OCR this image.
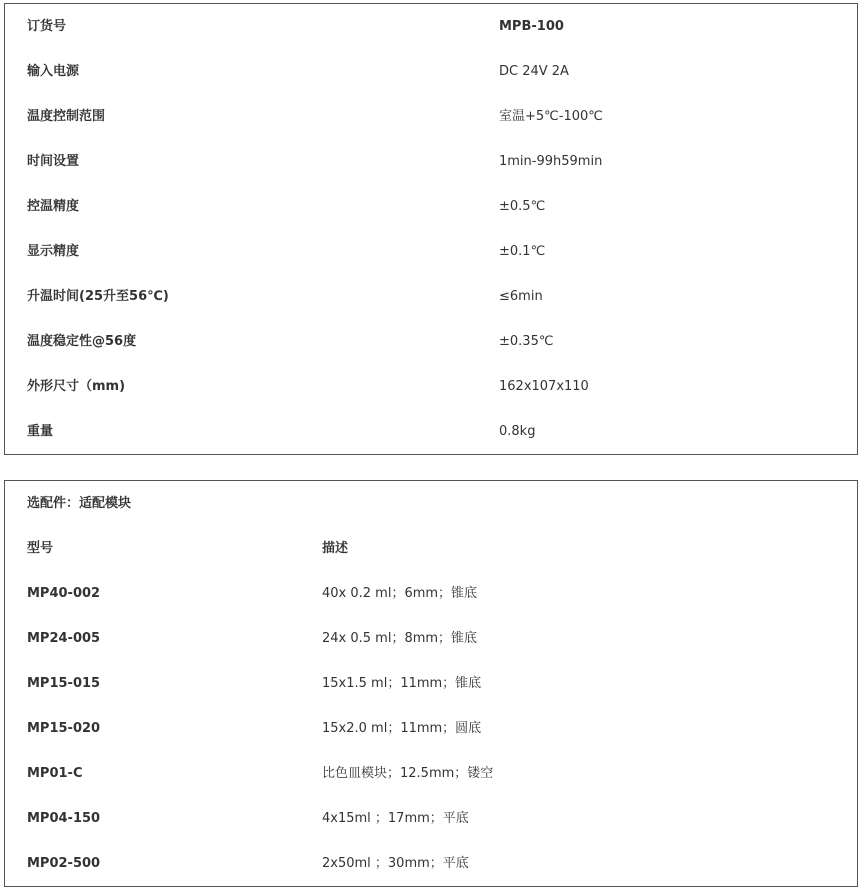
订货号	MPB-100
输入电源	DC 24V 2A
温度控制范围	室温+5℃-100℃
时间设置	1min-99h59min
控温精度	±0.5℃
显示精度	±0.1℃
升温时间(25升至56℃)	≤6min
温度稳定性@56度	±0.35℃
外形尺寸（mm)	162x107x110
重量	0.8kg
选配件：适配模块
型号	描述
MP40-002	40x 0.2 ml；6mm；锥底
MP24-005	24x 0.5 ml；8mm；锥底
MP15-015	15x1.5 ml；11mm；锥底
MP15-020	15x2.0 ml；11mm；圆底
MP01-C	比色皿模块；12.5mm；镂空
MP04-150	4x15ml ；17mm；平底
MP02-500	2x50ml ；30mm；平底
